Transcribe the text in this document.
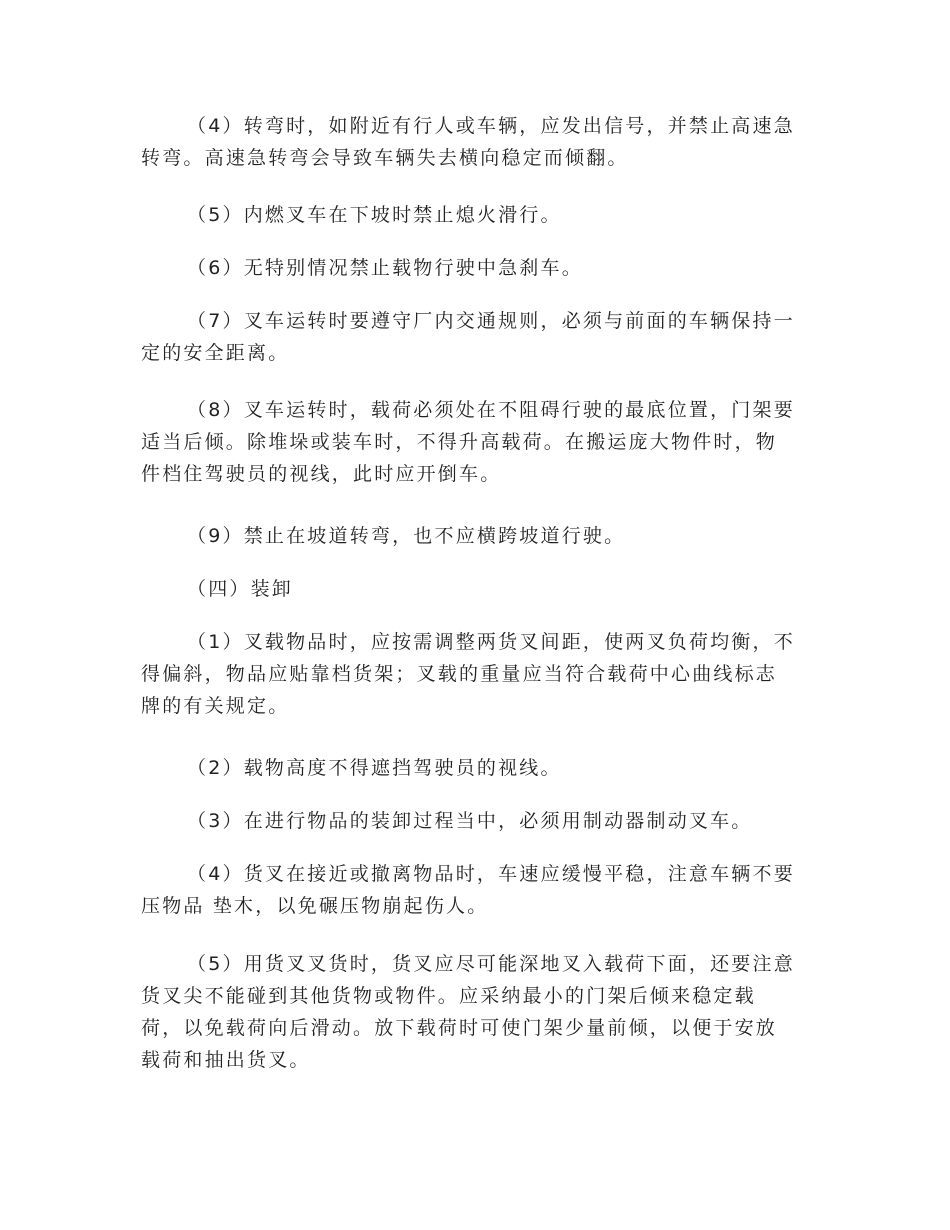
（4）转弯时，如附近有行人或车辆，应发出信号，并禁止高速急
转弯。高速急转弯会导致车辆失去横向稳定而倾翻。
（5）内燃叉车在下坡时禁止熄火滑行。
（6）无特别情况禁止载物行驶中急刹车。
（7）叉车运转时要遵守厂内交通规则，必须与前面的车辆保持一
定的安全距离。
（8）叉车运转时，载荷必须处在不阻碍行驶的最底位置，门架要
适当后倾。除堆垛或装车时，不得升高载荷。在搬运庞大物件时，物
件档住驾驶员的视线，此时应开倒车。
（9）禁止在坡道转弯，也不应横跨坡道行驶。
（四）装卸
（1）叉载物品时，应按需调整两货叉间距，使两叉负荷均衡，不
得偏斜，物品应贴靠档货架；叉载的重量应当符合载荷中心曲线标志
牌的有关规定。
（2）载物高度不得遮挡驾驶员的视线。
（3）在进行物品的装卸过程当中，必须用制动器制动叉车。
（4）货叉在接近或撤离物品时，车速应缓慢平稳，注意车辆不要
压物品 垫木，以免碾压物崩起伤人。
（5）用货叉叉货时，货叉应尽可能深地叉入载荷下面，还要注意
货叉尖不能碰到其他货物或物件。应采纳最小的门架后倾来稳定载
荷，以免载荷向后滑动。放下载荷时可使门架少量前倾，以便于安放
载荷和抽出货叉。
